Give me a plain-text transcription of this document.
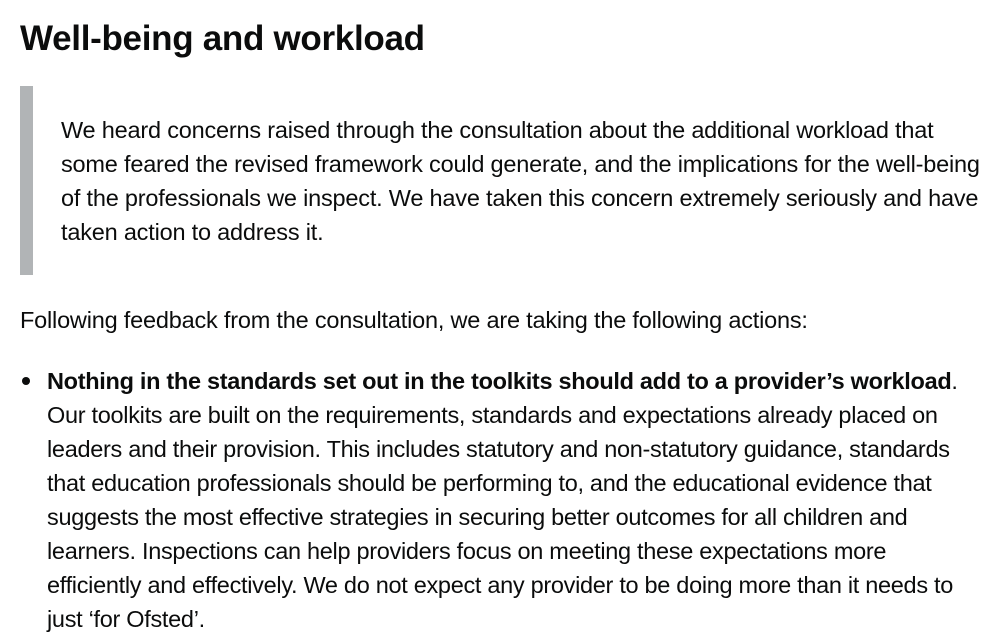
Well-being and workload

We heard concerns raised through the consultation about the additional workload that some feared the revised framework could generate, and the implications for the well-being of the professionals we inspect. We have taken this concern extremely seriously and have taken action to address it.

Following feedback from the consultation, we are taking the following actions:

Nothing in the standards set out in the toolkits should add to a provider’s workload. Our toolkits are built on the requirements, standards and expectations already placed on leaders and their provision. This includes statutory and non-statutory guidance, standards that education professionals should be performing to, and the educational evidence that suggests the most effective strategies in securing better outcomes for all children and learners. Inspections can help providers focus on meeting these expectations more efficiently and effectively. We do not expect any provider to be doing more than it needs to just ‘for Ofsted’.
